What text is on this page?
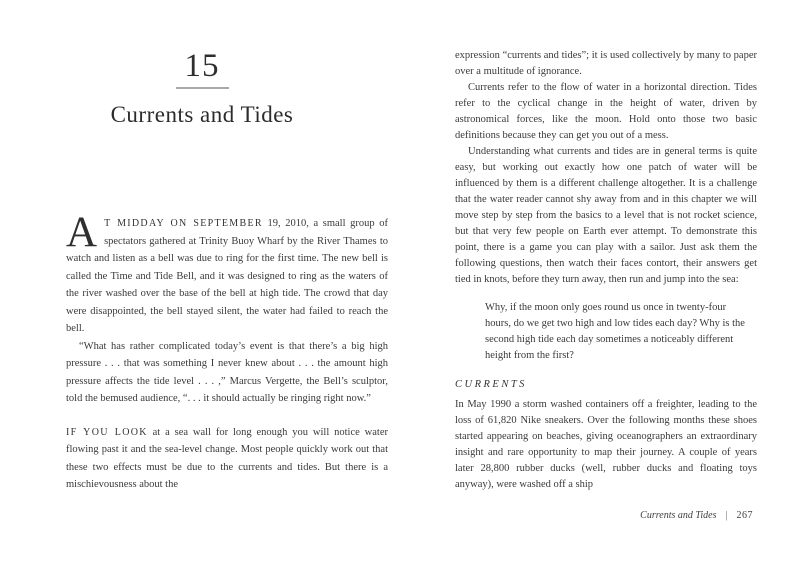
15
Currents and Tides

A T MIDDAY ON SEPTEMBER 19, 2010, a small group of spectators gathered at Trinity Buoy Wharf by the River Thames to watch and listen as a bell was due to ring for the first time. The new bell is called the Time and Tide Bell, and it was designed to ring as the waters of the river washed over the base of the bell at high tide. The crowd that day were disappointed, the bell stayed silent, the water had failed to reach the bell.

“What has rather complicated today’s event is that there’s a big high pressure . . . that was something I never knew about . . . the amount high pressure affects the tide level . . . ,” Marcus Vergette, the Bell’s sculptor, told the bemused audience, “. . . it should actually be ringing right now.”

IF YOU LOOK at a sea wall for long enough you will notice water flowing past it and the sea-level change. Most people quickly work out that these two effects must be due to the currents and tides. But there is a mischievousness about the

expression “currents and tides”; it is used collectively by many to paper over a multitude of ignorance.

Currents refer to the flow of water in a horizontal direction. Tides refer to the cyclical change in the height of water, driven by astronomical forces, like the moon. Hold onto those two basic definitions because they can get you out of a mess.

Understanding what currents and tides are in general terms is quite easy, but working out exactly how one patch of water will be influenced by them is a different challenge altogether. It is a challenge that the water reader cannot shy away from and in this chapter we will move step by step from the basics to a level that is not rocket science, but that very few people on Earth ever attempt. To demonstrate this point, there is a game you can play with a sailor. Just ask them the following questions, then watch their faces contort, their answers get tied in knots, before they turn away, then run and jump into the sea:

Why, if the moon only goes round us once in twenty-four hours, do we get two high and low tides each day? Why is the second high tide each day sometimes a noticeably different height from the first?
CURRENTS

In May 1990 a storm washed containers off a freighter, leading to the loss of 61,820 Nike sneakers. Over the following months these shoes started appearing on beaches, giving oceanographers an extraordinary insight and rare opportunity to map their journey. A couple of years later 28,800 rubber ducks (well, rubber ducks and floating toys anyway), were washed off a ship

Currents and Tides | 267
